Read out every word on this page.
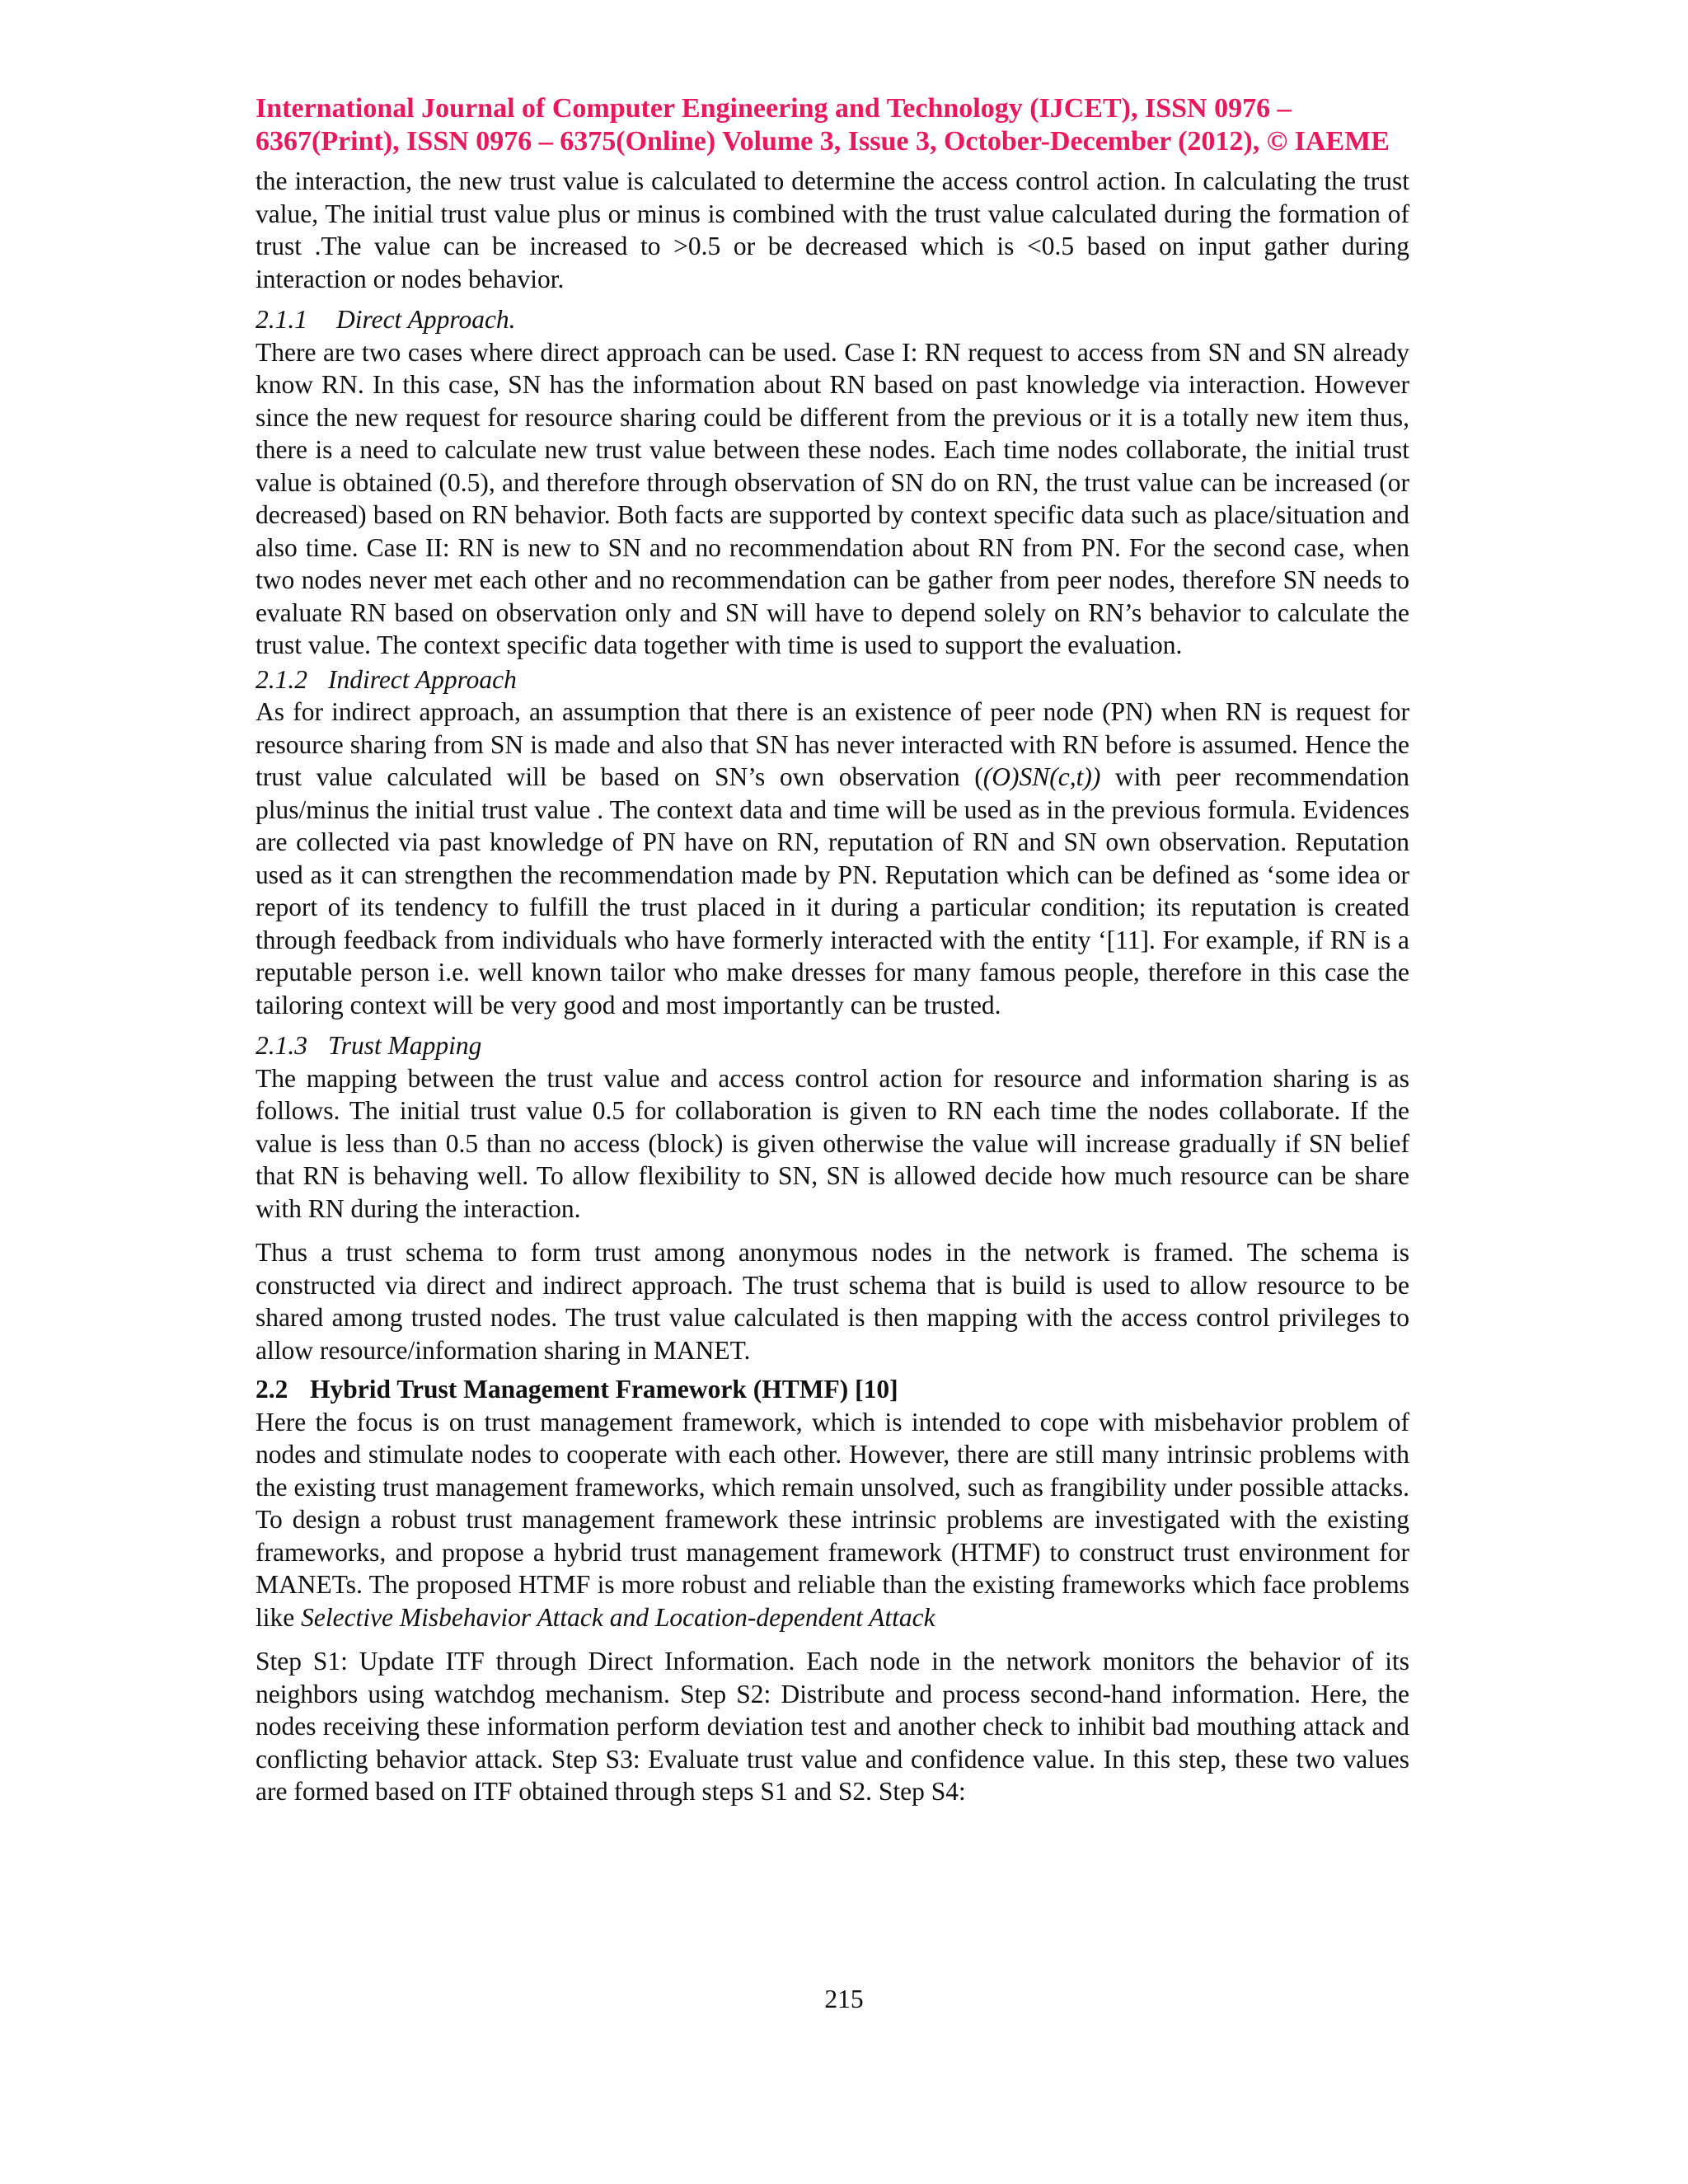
International Journal of Computer Engineering and Technology (IJCET), ISSN 0976 –
6367(Print), ISSN 0976 – 6375(Online) Volume 3, Issue 3, October-December (2012), © IAEME

the interaction, the new trust value is calculated to determine the access control action. In calculating the trust value, The initial trust value plus or minus is combined with the trust value calculated during the formation of trust .The value can be increased to >0.5 or be decreased which is <0.5 based on input gather during interaction or nodes behavior.

2.1.1 Direct Approach.

There are two cases where direct approach can be used. Case I: RN request to access from SN and SN already know RN. In this case, SN has the information about RN based on past knowledge via interaction. However since the new request for resource sharing could be different from the previous or it is a totally new item thus, there is a need to calculate new trust value between these nodes. Each time nodes collaborate, the initial trust value is obtained (0.5), and therefore through observation of SN do on RN, the trust value can be increased (or decreased) based on RN behavior. Both facts are supported by context specific data such as place/situation and also time. Case II: RN is new to SN and no recommendation about RN from PN. For the second case, when two nodes never met each other and no recommendation can be gather from peer nodes, therefore SN needs to evaluate RN based on observation only and SN will have to depend solely on RN’s behavior to calculate the trust value. The context specific data together with time is used to support the evaluation.

2.1.2 Indirect Approach

As for indirect approach, an assumption that there is an existence of peer node (PN) when RN is request for resource sharing from SN is made and also that SN has never interacted with RN before is assumed. Hence the trust value calculated will be based on SN’s own observation ((O)SN(c,t)) with peer recommendation plus/minus the initial trust value . The context data and time will be used as in the previous formula. Evidences are collected via past knowledge of PN have on RN, reputation of RN and SN own observation. Reputation used as it can strengthen the recommendation made by PN. Reputation which can be defined as ‘some idea or report of its tendency to fulfill the trust placed in it during a particular condition; its reputation is created through feedback from individuals who have formerly interacted with the entity ‘[11]. For example, if RN is a reputable person i.e. well known tailor who make dresses for many famous people, therefore in this case the tailoring context will be very good and most importantly can be trusted.

2.1.3 Trust Mapping

The mapping between the trust value and access control action for resource and information sharing is as follows. The initial trust value 0.5 for collaboration is given to RN each time the nodes collaborate. If the value is less than 0.5 than no access (block) is given otherwise the value will increase gradually if SN belief that RN is behaving well. To allow flexibility to SN, SN is allowed decide how much resource can be share with RN during the interaction.

Thus a trust schema to form trust among anonymous nodes in the network is framed. The schema is constructed via direct and indirect approach. The trust schema that is build is used to allow resource to be shared among trusted nodes. The trust value calculated is then mapping with the access control privileges to allow resource/information sharing in MANET.

2.2 Hybrid Trust Management Framework (HTMF) [10]

Here the focus is on trust management framework, which is intended to cope with misbehavior problem of nodes and stimulate nodes to cooperate with each other. However, there are still many intrinsic problems with the existing trust management frameworks, which remain unsolved, such as frangibility under possible attacks. To design a robust trust management framework these intrinsic problems are investigated with the existing frameworks, and propose a hybrid trust management framework (HTMF) to construct trust environment for MANETs. The proposed HTMF is more robust and reliable than the existing frameworks which face problems like Selective Misbehavior Attack and Location-dependent Attack

Step S1: Update ITF through Direct Information. Each node in the network monitors the behavior of its neighbors using watchdog mechanism. Step S2: Distribute and process second-hand information. Here, the nodes receiving these information perform deviation test and another check to inhibit bad mouthing attack and conflicting behavior attack. Step S3: Evaluate trust value and confidence value. In this step, these two values are formed based on ITF obtained through steps S1 and S2. Step S4:

215
